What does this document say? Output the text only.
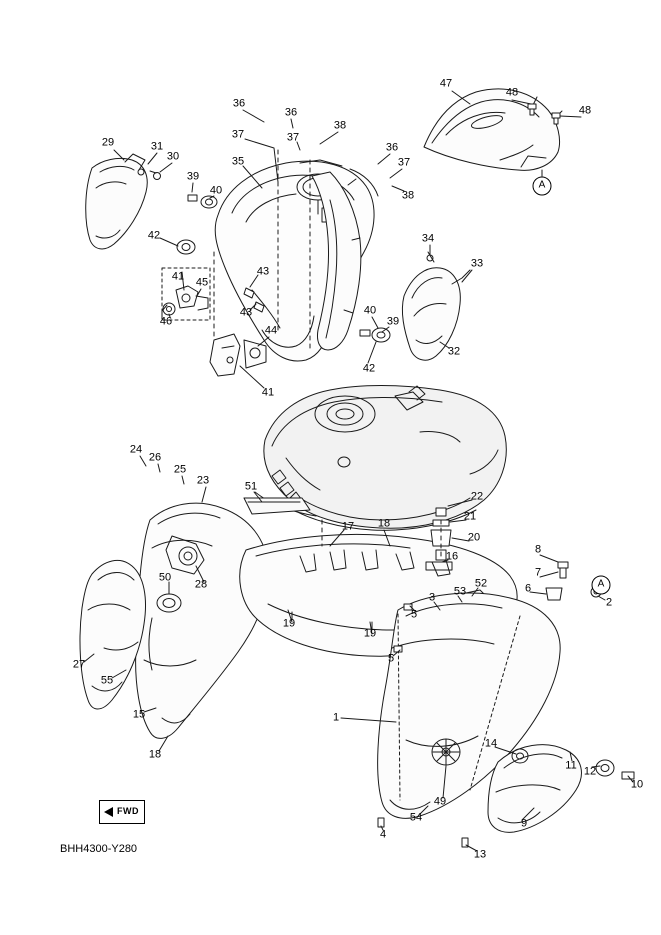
36
36
37	37
38
47
48
48
36
37
38
35
29	31
30
39
40
42
41 45
43
43
46
44
41
42
40
39
34
33
32
24
26
25
23	51
17 18
22
21
20
16
8
7
6
2
52
53
3
5
5
19
19
28
50
27
55
15
18
1
14
11 12
10
9
49
54
4
13
A
A
FWD
BHH4300-Y280
